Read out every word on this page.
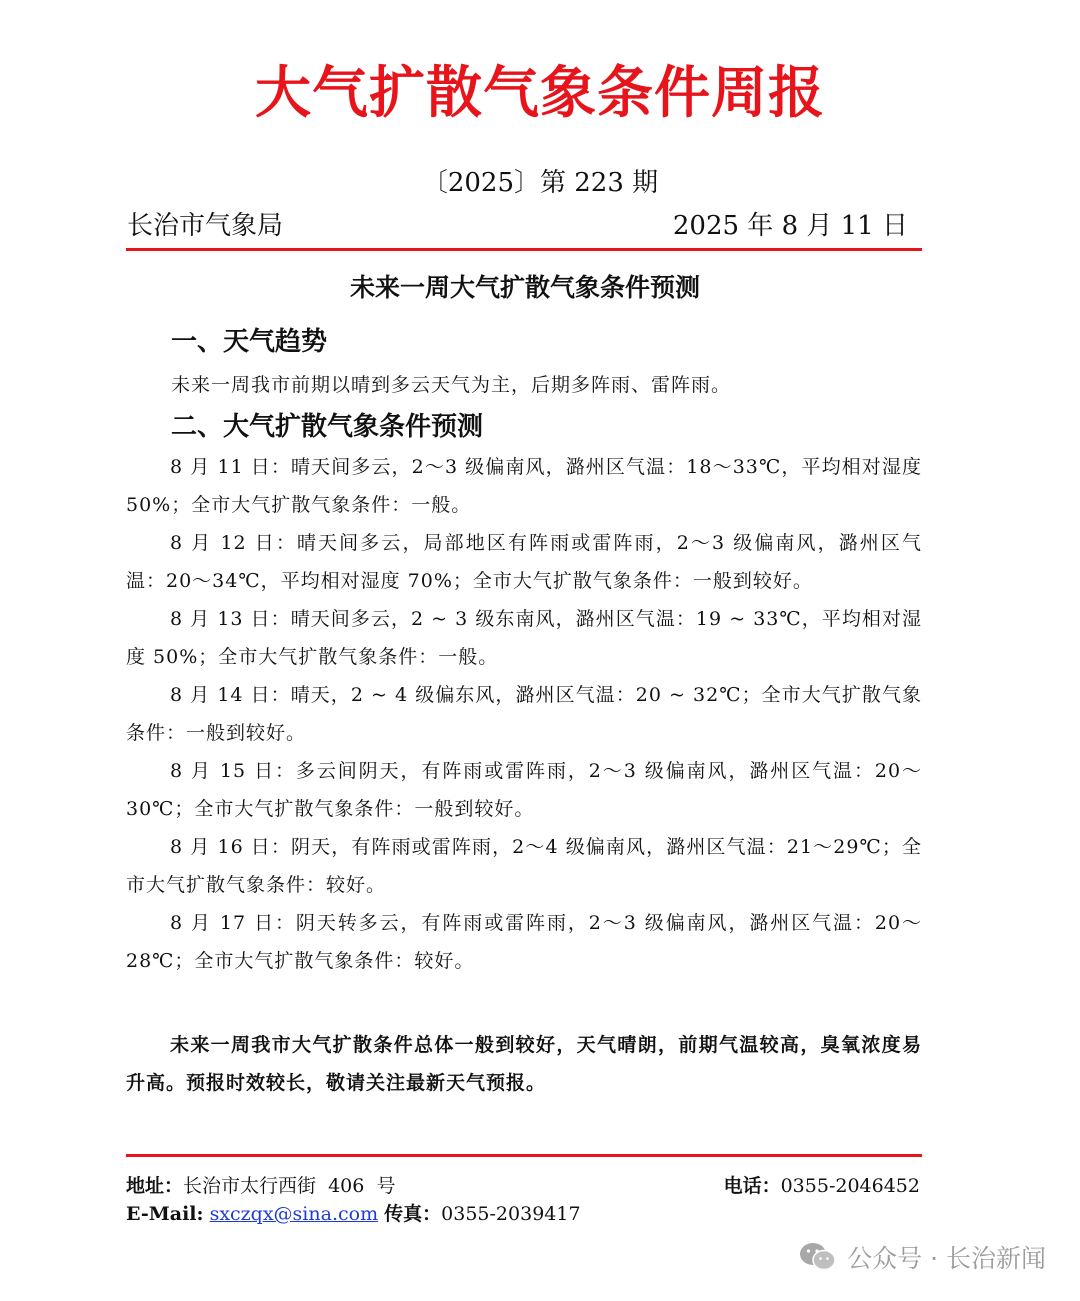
大气扩散气象条件周报
〔2025〕第 223 期
长治市气象局	2025 年 8 月 11 日
未来一周大气扩散气象条件预测
一、天气趋势
未来一周我市前期以晴到多云天气为主，后期多阵雨、雷阵雨。
二、大气扩散气象条件预测

8 月 11 日：晴天间多云，2～3 级偏南风，潞州区气温：18～33℃，平均相对湿度 50%；全市大气扩散气象条件：一般。

8 月 12 日：晴天间多云，局部地区有阵雨或雷阵雨，2～3 级偏南风，潞州区气温：20～34℃，平均相对湿度 70%；全市大气扩散气象条件：一般到较好。

8 月 13 日：晴天间多云，2 ~ 3 级东南风，潞州区气温：19 ~ 33℃，平均相对湿度 50%；全市大气扩散气象条件：一般。

8 月 14 日：晴天，2 ~ 4 级偏东风，潞州区气温：20 ~ 32℃；全市大气扩散气象条件：一般到较好。

8 月 15 日：多云间阴天，有阵雨或雷阵雨，2～3 级偏南风，潞州区气温：20～30℃；全市大气扩散气象条件：一般到较好。

8 月 16 日：阴天，有阵雨或雷阵雨，2～4 级偏南风，潞州区气温：21～29℃；全市大气扩散气象条件：较好。

8 月 17 日：阴天转多云，有阵雨或雷阵雨，2～3 级偏南风，潞州区气温：20～28℃；全市大气扩散气象条件：较好。

未来一周我市大气扩散条件总体一般到较好，天气晴朗，前期气温较高，臭氧浓度易升高。预报时效较长，敬请关注最新天气预报。

地址：长治市太行西街  406  号	电话：0355-2046452
E-Mail: sxczqx@sina.com 传真：0355-2039417
公众号 · 长治新闻
